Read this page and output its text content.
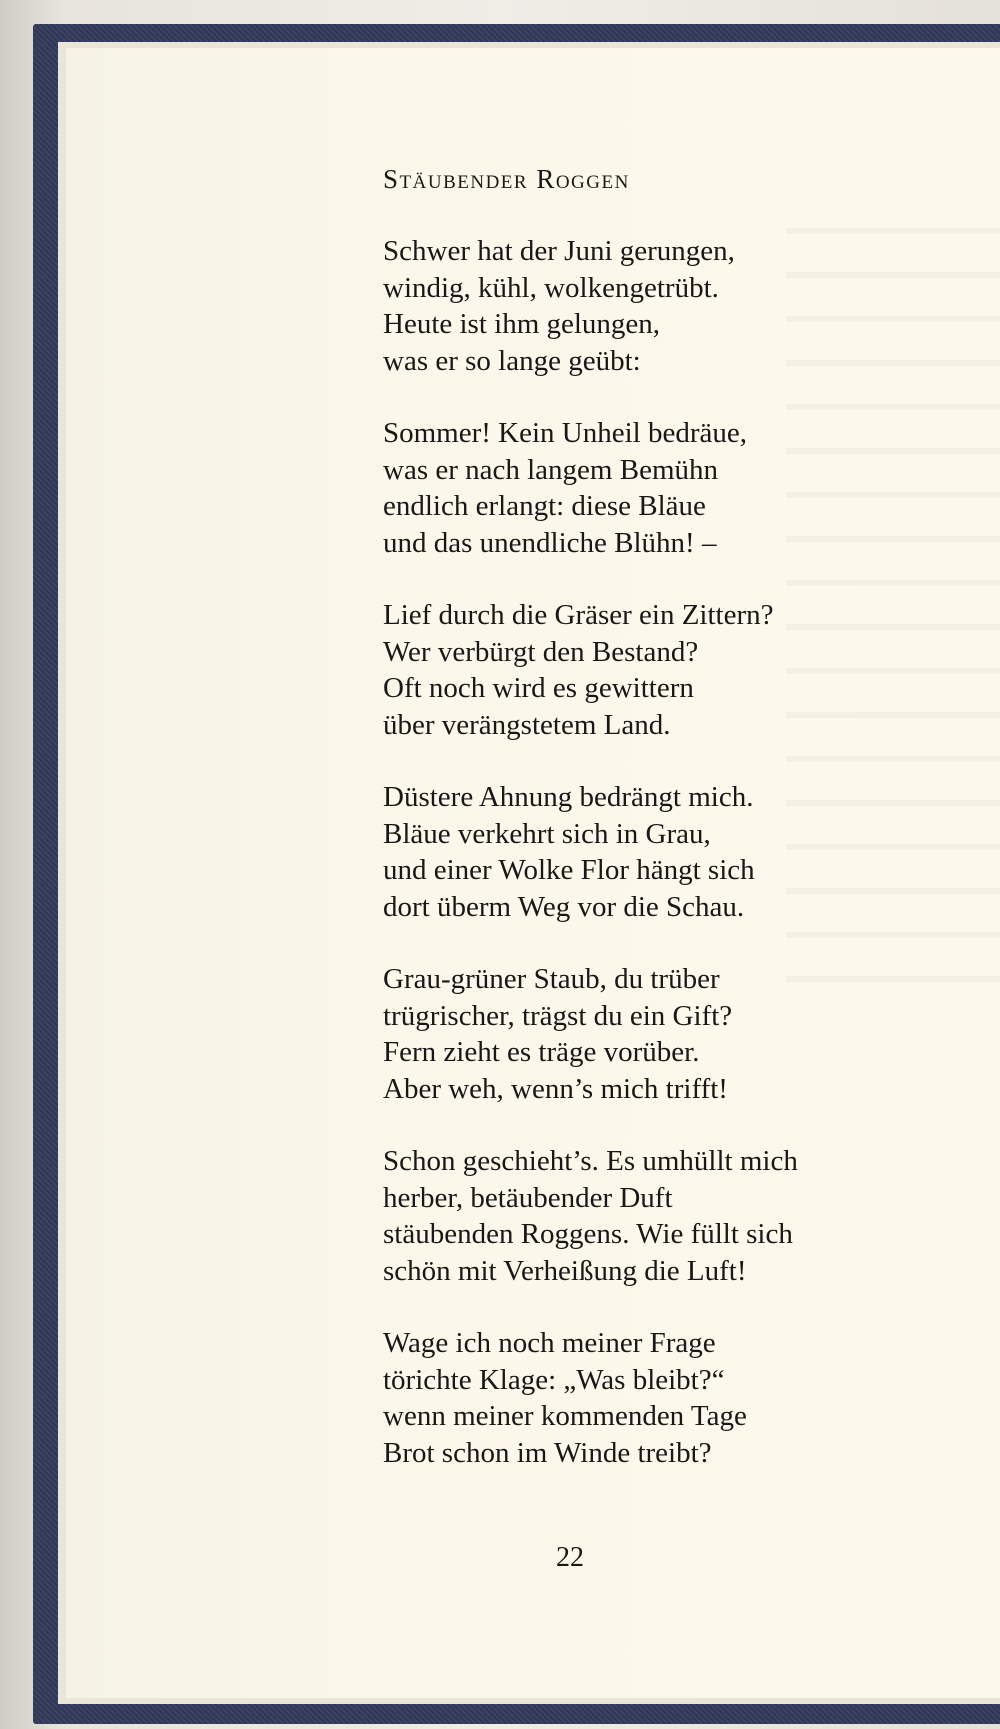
Stäubender Roggen
Schwer hat der Juni gerungen,
windig, kühl, wolkengetrübt.
Heute ist ihm gelungen,
was er so lange geübt:
Sommer! Kein Unheil bedräue,
was er nach langem Bemühn
endlich erlangt: diese Bläue
und das unendliche Blühn! –
Lief durch die Gräser ein Zittern?
Wer verbürgt den Bestand?
Oft noch wird es gewittern
über verängstetem Land.
Düstere Ahnung bedrängt mich.
Bläue verkehrt sich in Grau,
und einer Wolke Flor hängt sich
dort überm Weg vor die Schau.
Grau-grüner Staub, du trüber
trügrischer, trägst du ein Gift?
Fern zieht es träge vorüber.
Aber weh, wenn’s mich trifft!
Schon geschieht’s. Es umhüllt mich
herber, betäubender Duft
stäubenden Roggens. Wie füllt sich
schön mit Verheißung die Luft!
Wage ich noch meiner Frage
törichte Klage: „Was bleibt?“
wenn meiner kommenden Tage
Brot schon im Winde treibt?
22
